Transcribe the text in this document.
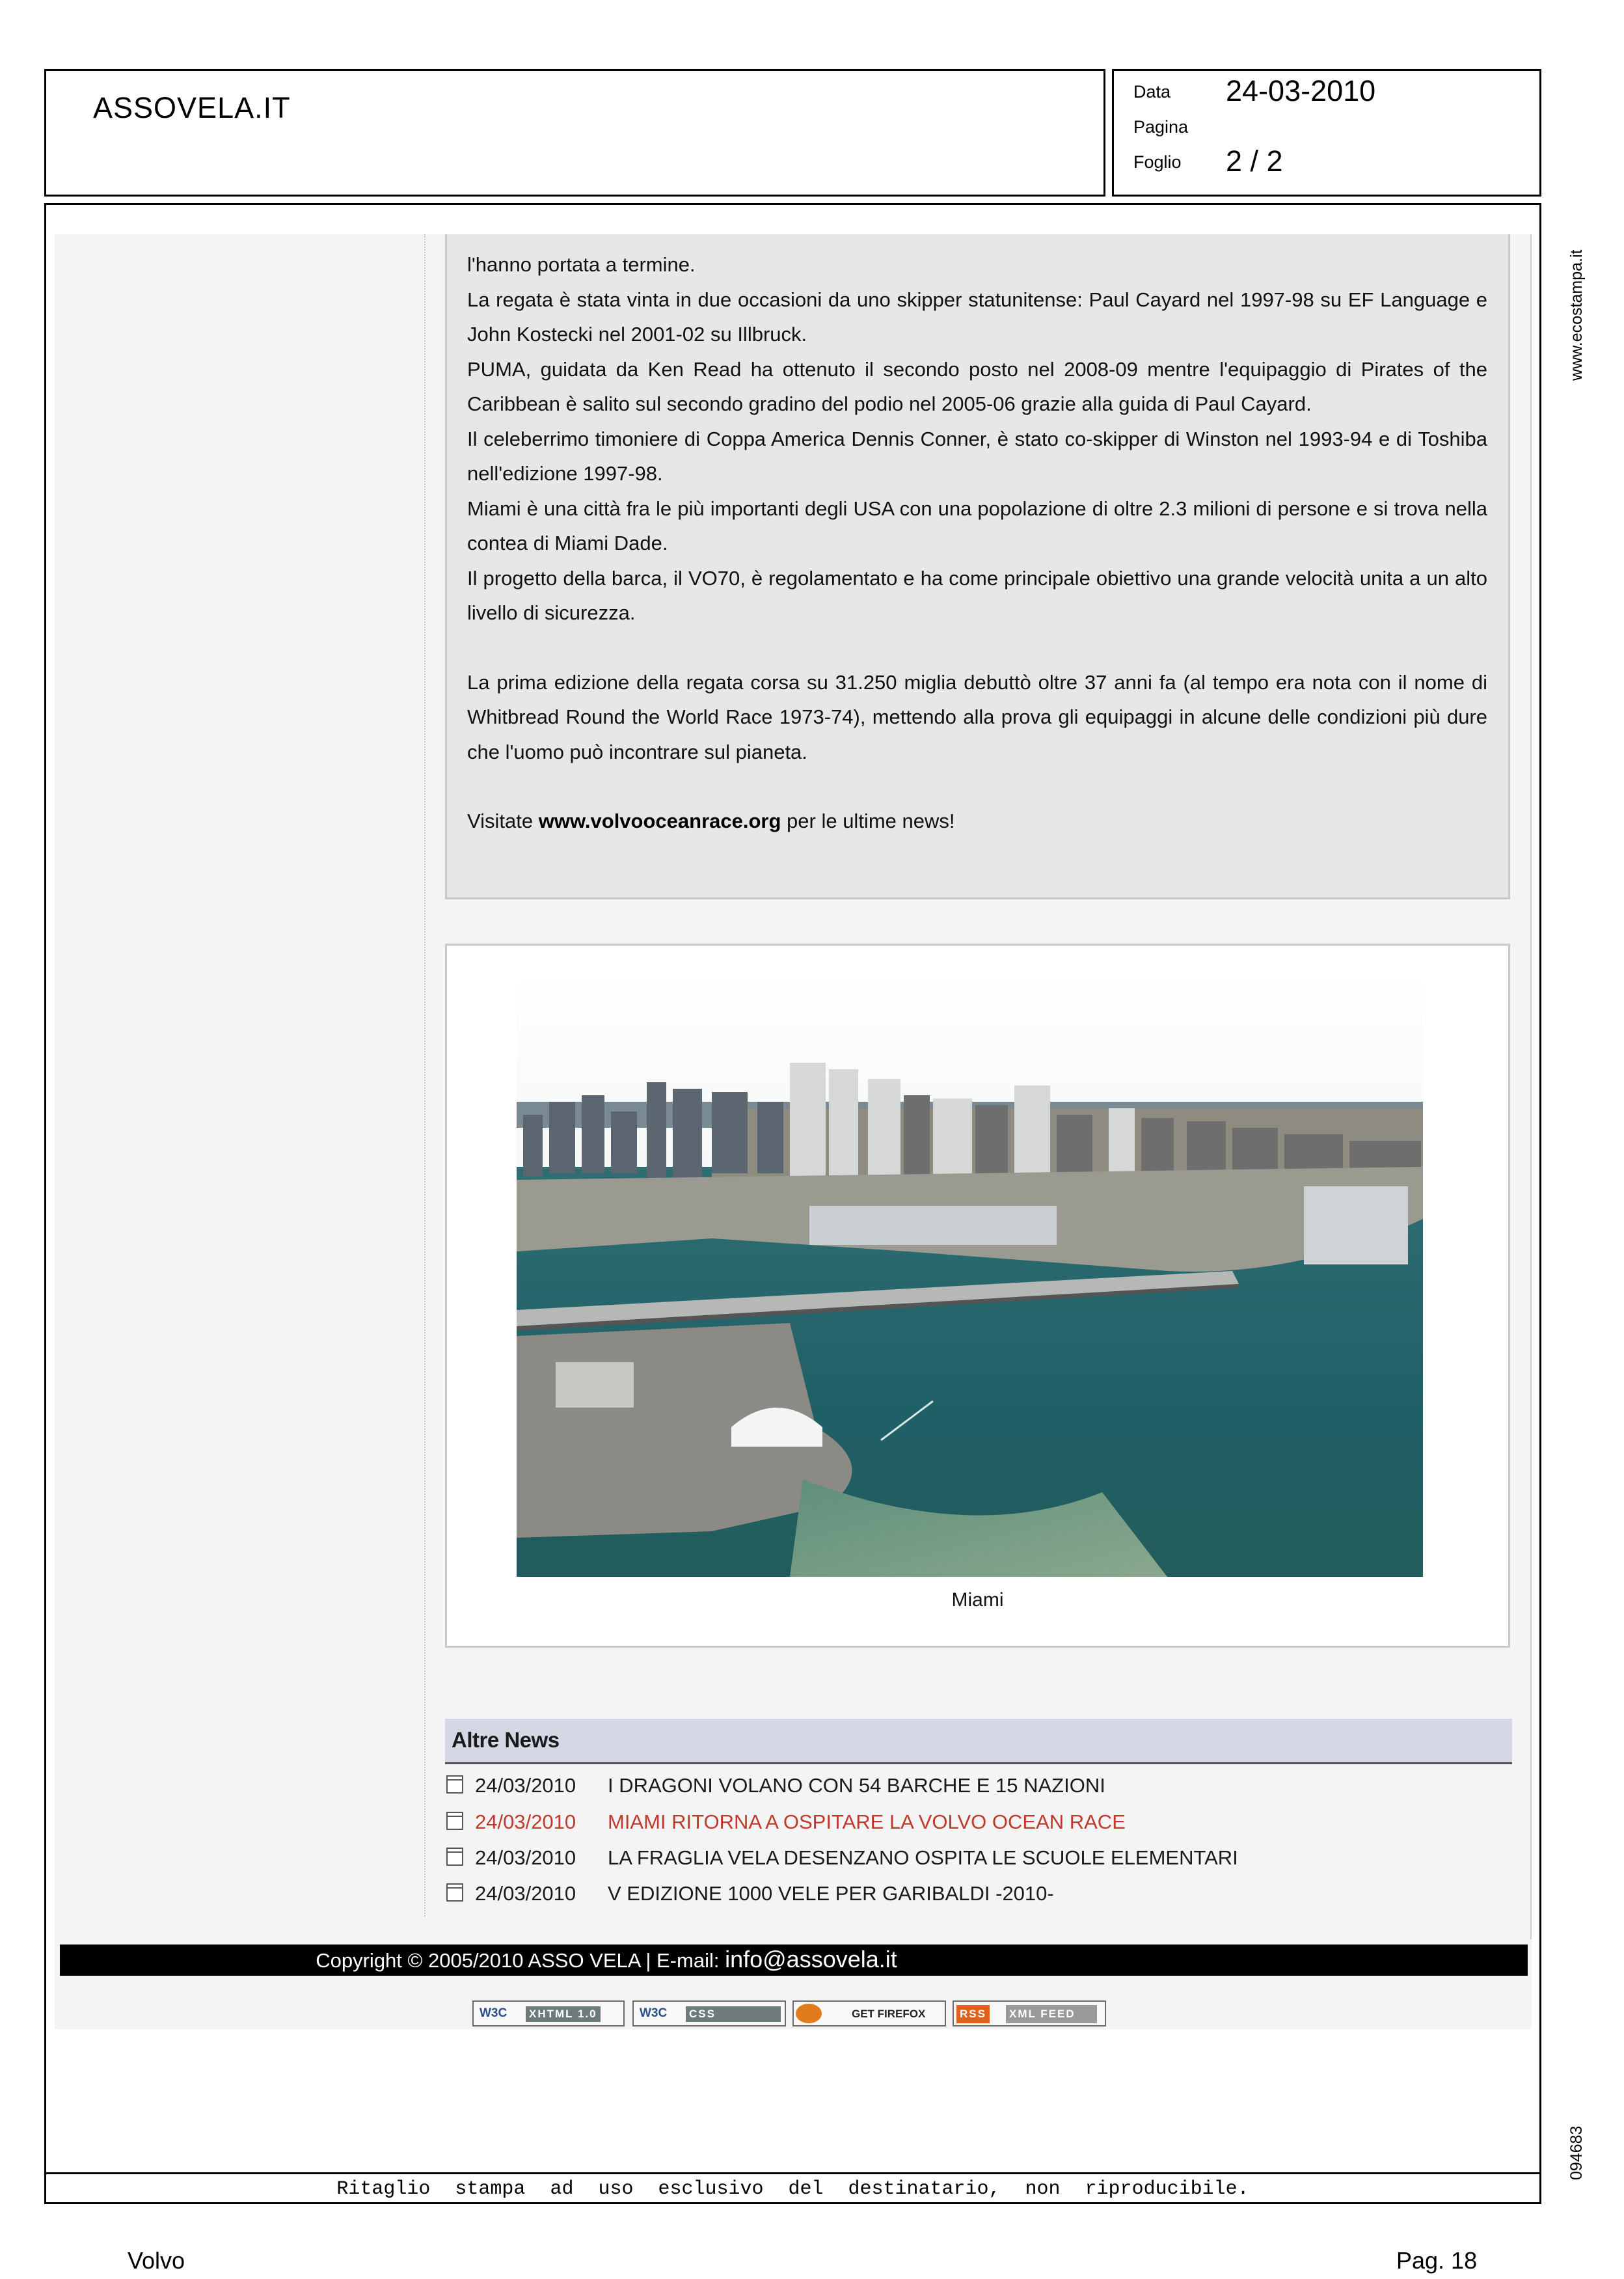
ASSOVELA.IT	Data 24-03-2010
Pagina
Foglio 2 / 2
www.ecostampa.it

l'hanno portata a termine.

La regata è stata vinta in due occasioni da uno skipper statunitense: Paul Cayard nel 1997-98 su EF Language e John Kostecki nel 2001-02 su Illbruck.

PUMA, guidata da Ken Read ha ottenuto il secondo posto nel 2008-09 mentre l'equipaggio di Pirates of the Caribbean è salito sul secondo gradino del podio nel 2005-06 grazie alla guida di Paul Cayard.

Il celeberrimo timoniere di Coppa America Dennis Conner, è stato co-skipper di Winston nel 1993-94 e di Toshiba nell'edizione 1997-98.

Miami è una città fra le più importanti degli USA con una popolazione di oltre 2.3 milioni di persone e si trova nella contea di Miami Dade.

Il progetto della barca, il VO70, è regolamentato e ha come principale obiettivo una grande velocità unita a un alto livello di sicurezza.

La prima edizione della regata corsa su 31.250 miglia debuttò oltre 37 anni fa (al tempo era nota con il nome di Whitbread Round the World Race 1973-74), mettendo alla prova gli equipaggi in alcune delle condizioni più dure che l'uomo può incontrare sul pianeta.

Visitate www.volvooceanrace.org per le ultime news!

Miami
Altre News
24/03/2010 I DRAGONI VOLANO CON 54 BARCHE E 15 NAZIONI
24/03/2010 MIAMI RITORNA A OSPITARE LA VOLVO OCEAN RACE
24/03/2010 LA FRAGLIA VELA DESENZANO OSPITA LE SCUOLE ELEMENTARI
24/03/2010 V EDIZIONE 1000 VELE PER GARIBALDI -2010-
Copyright © 2005/2010 ASSO VELA | E-mail: info@assovela.it
W3C	XHTML 1.0	W3C	CSS	GET FIREFOX	RSS XML FEED
094683
Ritaglio stampa ad uso esclusivo del destinatario, non riproducibile.
Volvo	Pag. 18
